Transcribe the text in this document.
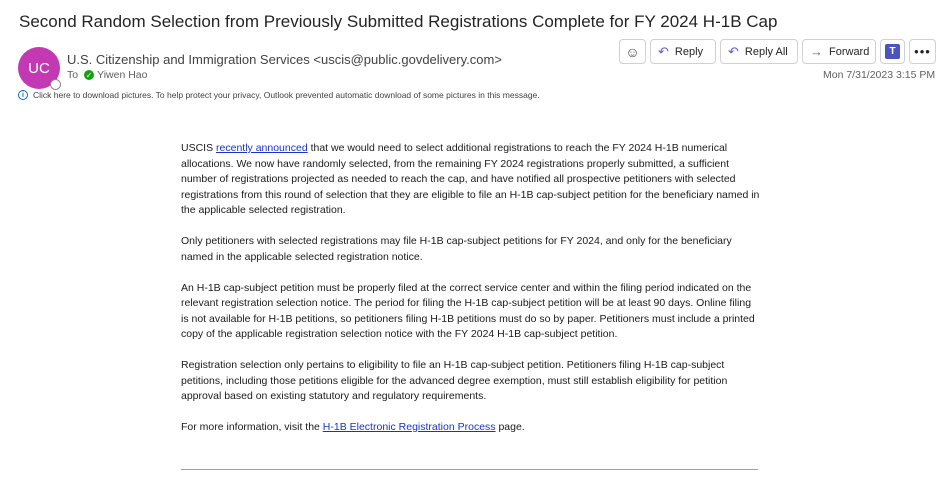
Second Random Selection from Previously Submitted Registrations Complete for FY 2024 H-1B Cap
UC U.S. Citizenship and Immigration Services <uscis@public.govdelivery.com>
To ✓ Yiwen Hao
☺ ↶ Reply ↶ Reply All → Forward	T	•••
Mon 7/31/2023 3:15 PM
i	Click here to download pictures. To help protect your privacy, Outlook prevented automatic download of some pictures in this message.

USCIS recently announced that we would need to select additional registrations to reach the FY 2024 H-1B numerical allocations. We now have randomly selected, from the remaining FY 2024 registrations properly submitted, a sufficient number of registrations projected as needed to reach the cap, and have notified all prospective petitioners with selected registrations from this round of selection that they are eligible to file an H-1B cap-subject petition for the beneficiary named in the applicable selected registration.

Only petitioners with selected registrations may file H-1B cap-subject petitions for FY 2024, and only for the beneficiary named in the applicable selected registration notice.

An H-1B cap-subject petition must be properly filed at the correct service center and within the filing period indicated on the relevant registration selection notice. The period for filing the H-1B cap-subject petition will be at least 90 days. Online filing is not available for H-1B petitions, so petitioners filing H-1B petitions must do so by paper. Petitioners must include a printed copy of the applicable registration selection notice with the FY 2024 H-1B cap-subject petition.

Registration selection only pertains to eligibility to file an H-1B cap-subject petition. Petitioners filing H-1B cap-subject petitions, including those petitions eligible for the advanced degree exemption, must still establish eligibility for petition approval based on existing statutory and regulatory requirements.

For more information, visit the H-1B Electronic Registration Process page.
